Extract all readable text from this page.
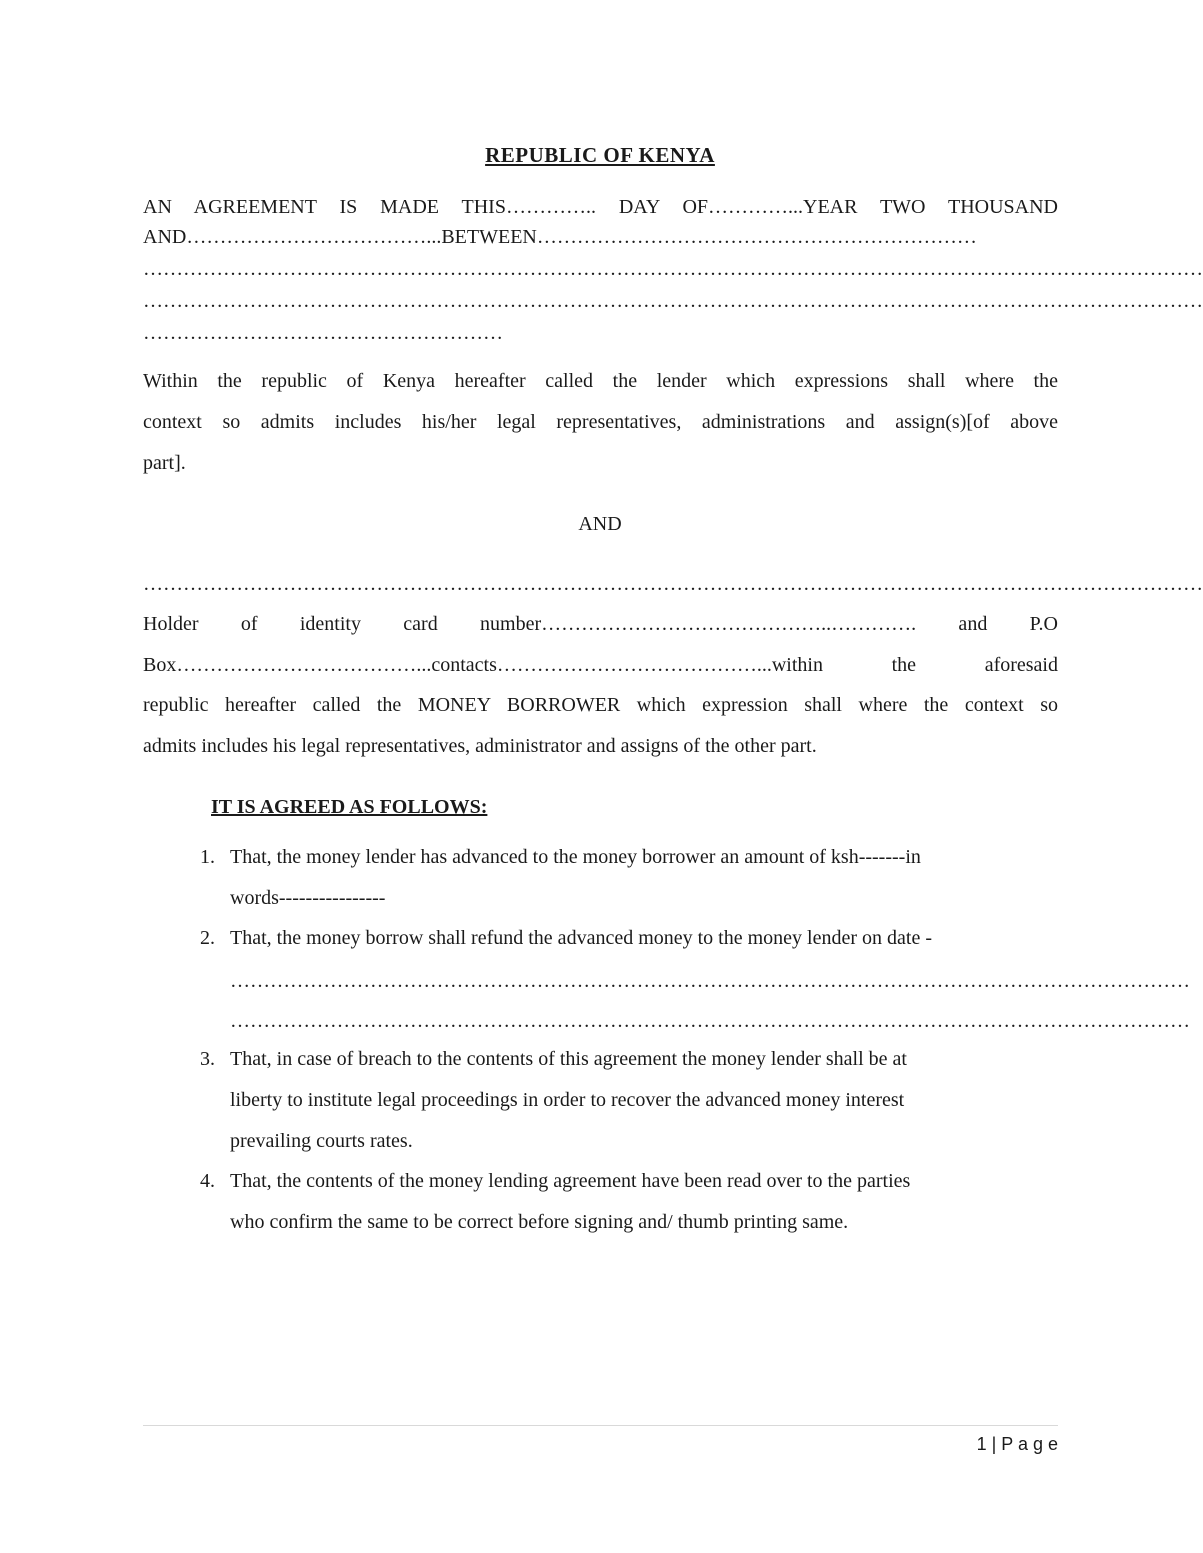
REPUBLIC OF KENYA
AN AGREEMENT IS MADE THIS………….. DAY OF…………...YEAR TWO THOUSAND
AND………………………………...BETWEEN…………………………………………………………
……………………………………………………………………………………………………………………………………………
……………………………………………………………………………………………………………………………………………
………………………………………………
Within the republic of Kenya hereafter called the lender which expressions shall where the
context so admits includes his/her legal representatives, administrations and assign(s)[of above
part].
AND
……………………………………………………………………………………………………………………………………………
Holder of identity card number……………………………………..…………. and P.O
Box………………………………...contacts…………………………………...within the aforesaid
republic hereafter called the MONEY BORROWER which expression shall where the context so
admits includes his legal representatives, administrator and assigns of the other part.
IT IS AGREED AS FOLLOWS:
1. That, the money lender has advanced to the money borrower an amount of ksh-------in
words----------------
2. That, the money borrow shall refund the advanced money to the money lender on date -
………………………………………………………………………………………………………………………………
………………………………………………………………………………………………………………………………
3. That, in case of breach to the contents of this agreement the money lender shall be at
liberty to institute legal proceedings in order to recover the advanced money interest
prevailing courts rates.
4. That, the contents of the money lending agreement have been read over to the parties
who confirm the same to be correct before signing and/ thumb printing same.
1 | P a g e
